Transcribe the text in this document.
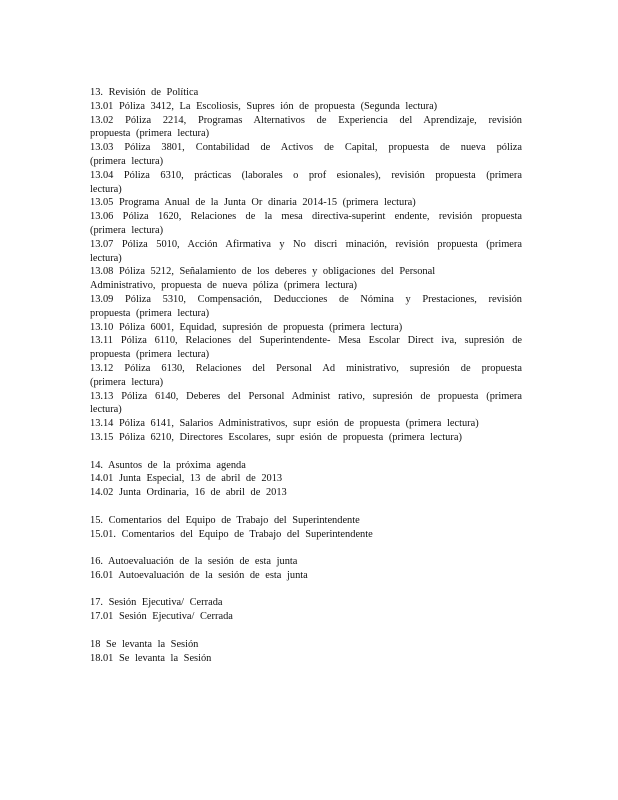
13. Revisión de Política
13.01 Póliza 3412, La Escoliosis, Supres ión de propuesta (Segunda lectura)
13.02 Póliza 2214, Programas Alternativos de Experiencia del Aprendizaje, revisión
propuesta (primera lectura)
13.03 Póliza 3801, Contabilidad de Activos de Capital, propuesta de nueva póliza
(primera lectura)
13.04 Póliza 6310, prácticas (laborales o prof esionales), revisión propuesta (primera
lectura)
13.05 Programa Anual de la Junta Or dinaria 2014-15 (primera lectura)
13.06 Póliza 1620, Relaciones de la mesa directiva-superint endente, revisión propuesta
(primera lectura)
13.07 Póliza 5010, Acción Afirmativa y No discri minación, revisión propuesta (primera
lectura)
13.08 Póliza 5212, Señalamiento de los deberes y obligaciones del Personal
Administrativo, propuesta de nueva póliza (primera lectura)
13.09 Póliza 5310, Compensación, Deducciones de Nómina y Prestaciones, revisión
propuesta (primera lectura)
13.10 Póliza 6001, Equidad, supresión de propuesta (primera lectura)
13.11 Póliza 6110, Relaciones del Superintendente- Mesa Escolar Direct iva, supresión de
propuesta (primera lectura)
13.12 Póliza 6130, Relaciones del Personal Ad ministrativo, supresión de propuesta
(primera lectura)
13.13 Póliza 6140, Deberes del Personal Administ rativo, supresión de propuesta (primera
lectura)
13.14 Póliza 6141, Salarios Administrativos, supr esión de propuesta (primera lectura)
13.15 Póliza 6210, Directores Escolares, supr esión de propuesta (primera lectura)
14. Asuntos de la próxima agenda
14.01 Junta Especial, 13 de abril de 2013
14.02 Junta Ordinaria, 16 de abril de 2013
15. Comentarios del Equipo de Trabajo del Superintendente
15.01. Comentarios del Equipo de Trabajo del Superintendente
16. Autoevaluación de la sesión de esta junta
16.01 Autoevaluación de la sesión de esta junta
17. Sesión Ejecutiva/ Cerrada
17.01 Sesión Ejecutiva/ Cerrada
18 Se levanta la Sesión
18.01 Se levanta la Sesión
